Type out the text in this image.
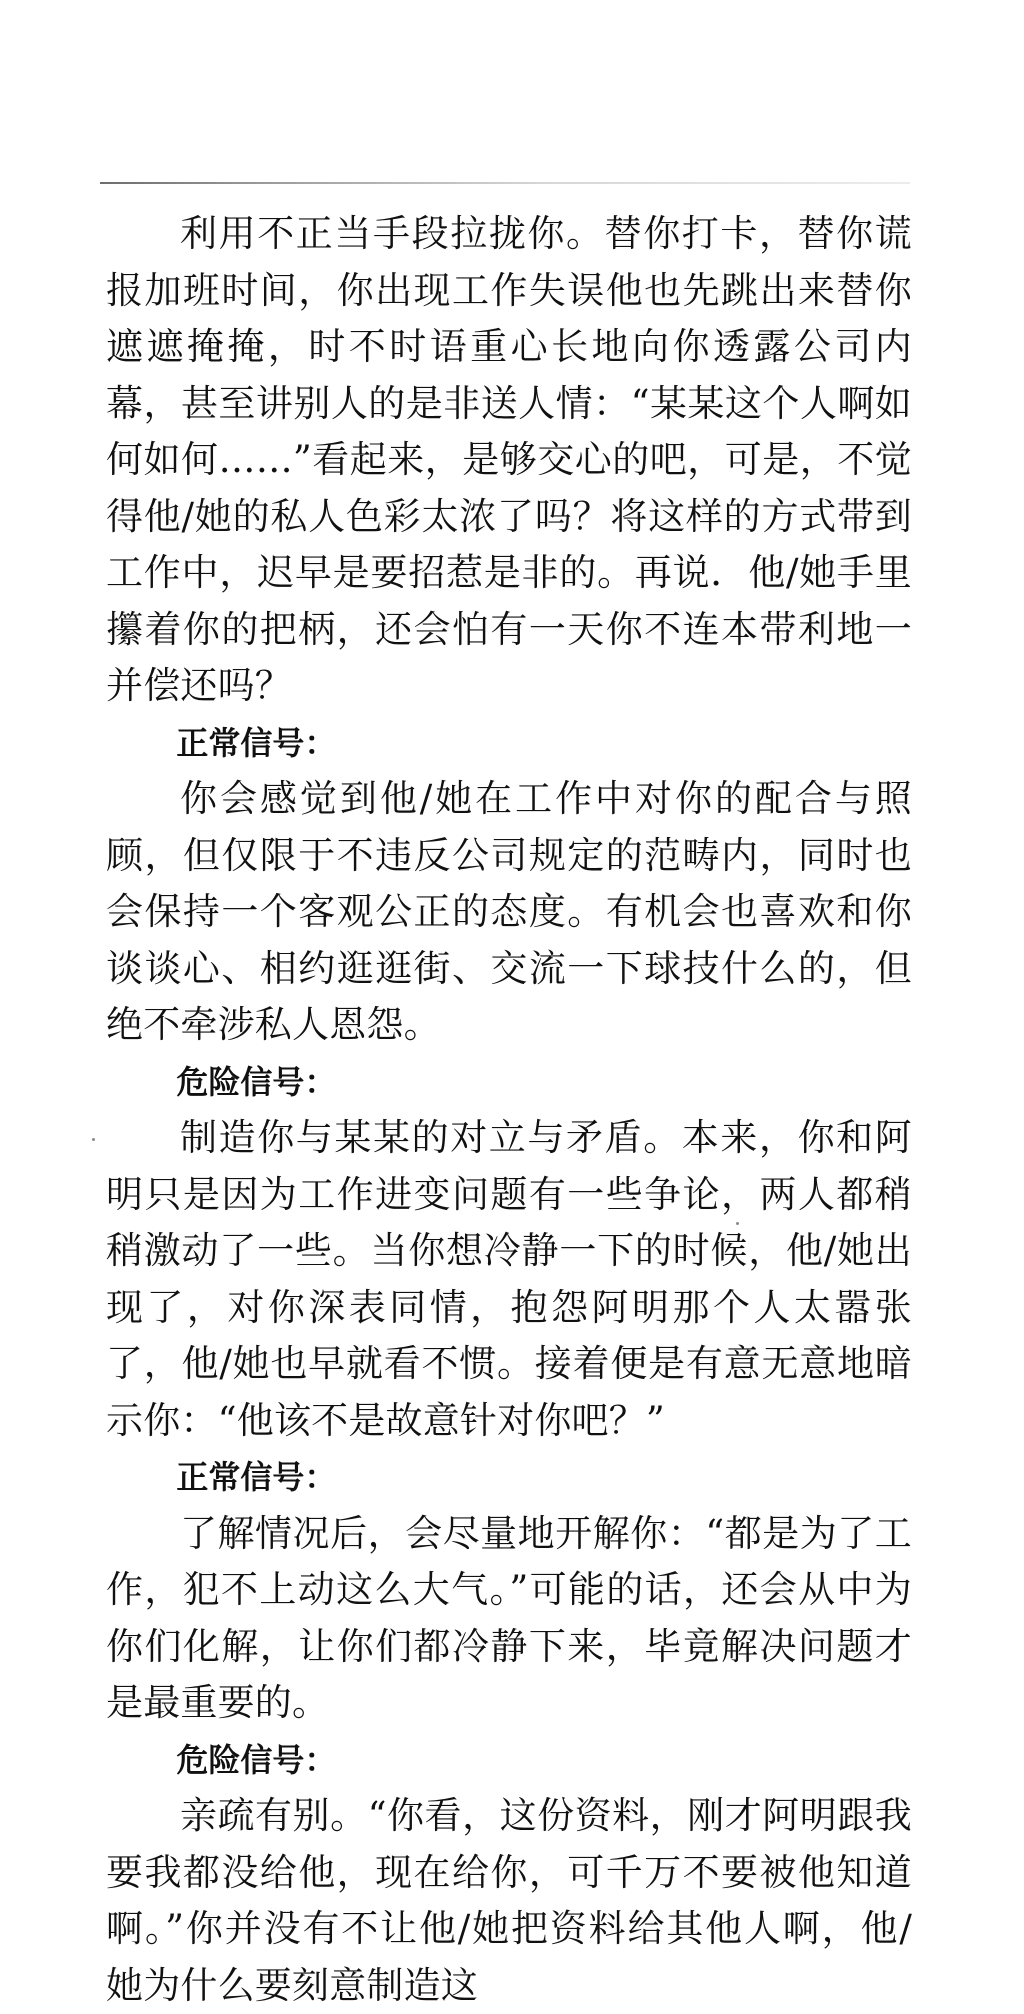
利用不正当手段拉拢你。替你打卡，替你谎报加班时间，你出现工作失误他也先跳出来替你遮遮掩掩，时不时语重心长地向你透露公司内幕，甚至讲别人的是非送人情：“某某这个人啊如何如何……”看起来，是够交心的吧，可是，不觉得他/她的私人色彩太浓了吗？将这样的方式带到工作中，迟早是要招惹是非的。再说．他/她手里攥着你的把柄，还会怕有一天你不连本带利地一并偿还吗？

正常信号：

你会感觉到他/她在工作中对你的配合与照顾，但仅限于不违反公司规定的范畴内，同时也会保持一个客观公正的态度。有机会也喜欢和你谈谈心、相约逛逛街、交流一下球技什么的，但绝不牵涉私人恩怨。

危险信号：

制造你与某某的对立与矛盾。本来，你和阿明只是因为工作进变问题有一些争论，两人都稍稍激动了一些。当你想冷静一下的时候，他/她出现了，对你深表同情，抱怨阿明那个人太嚣张了，他/她也早就看不惯。接着便是有意无意地暗示你：“他该不是故意针对你吧？”

正常信号：

了解情况后，会尽量地开解你：“都是为了工作，犯不上动这么大气。”可能的话，还会从中为你们化解，让你们都冷静下来，毕竟解决问题才是最重要的。

危险信号：

亲疏有别。“你看，这份资料，刚才阿明跟我要我都没给他，现在给你，可千万不要被他知道啊。”你并没有不让他/她把资料给其他人啊，他/她为什么要刻意制造这
